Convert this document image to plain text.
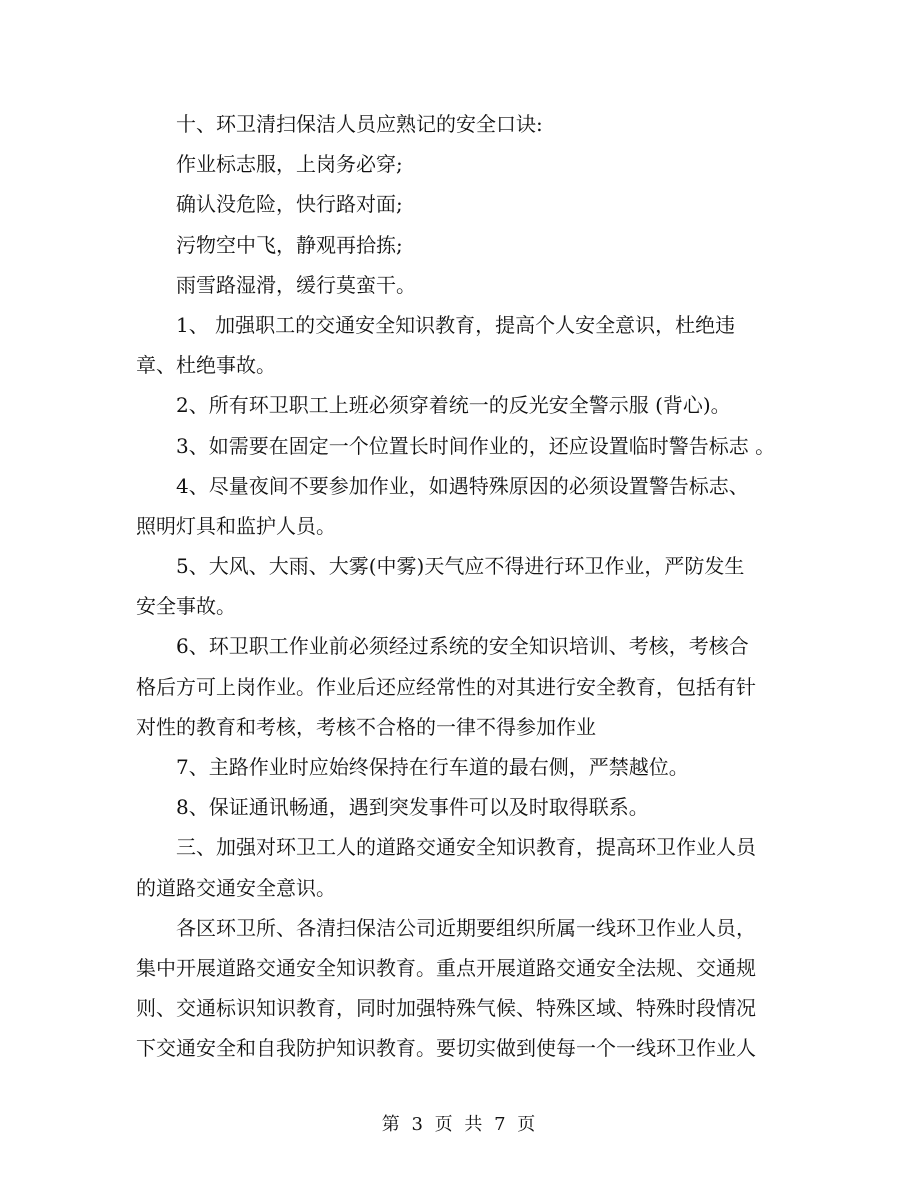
十、环卫清扫保洁人员应熟记的安全口诀:
作业标志服，上岗务必穿;
确认没危险，快行路对面;
污物空中飞，静观再拾拣;
雨雪路湿滑，缓行莫蛮干。
1、 加强职工的交通安全知识教育，提高个人安全意识，杜绝违
章、杜绝事故。
2、所有环卫职工上班必须穿着统一的反光安全警示服 (背心)。
3、如需要在固定一个位置长时间作业的，还应设置临时警告标志 。
4、尽量夜间不要参加作业，如遇特殊原因的必须设置警告标志、
照明灯具和监护人员。
5、大风、大雨、大雾(中雾)天气应不得进行环卫作业，严防发生
安全事故。
6、环卫职工作业前必须经过系统的安全知识培训、考核，考核合
格后方可上岗作业。作业后还应经常性的对其进行安全教育，包括有针
对性的教育和考核，考核不合格的一律不得参加作业
7、主路作业时应始终保持在行车道的最右侧，严禁越位。
8、保证通讯畅通，遇到突发事件可以及时取得联系。
三、加强对环卫工人的道路交通安全知识教育，提高环卫作业人员
的道路交通安全意识。
各区环卫所、各清扫保洁公司近期要组织所属一线环卫作业人员，
集中开展道路交通安全知识教育。重点开展道路交通安全法规、交通规
则、交通标识知识教育，同时加强特殊气候、特殊区域、特殊时段情况
下交通安全和自我防护知识教育。要切实做到使每一个一线环卫作业人
第 3 页 共 7 页
